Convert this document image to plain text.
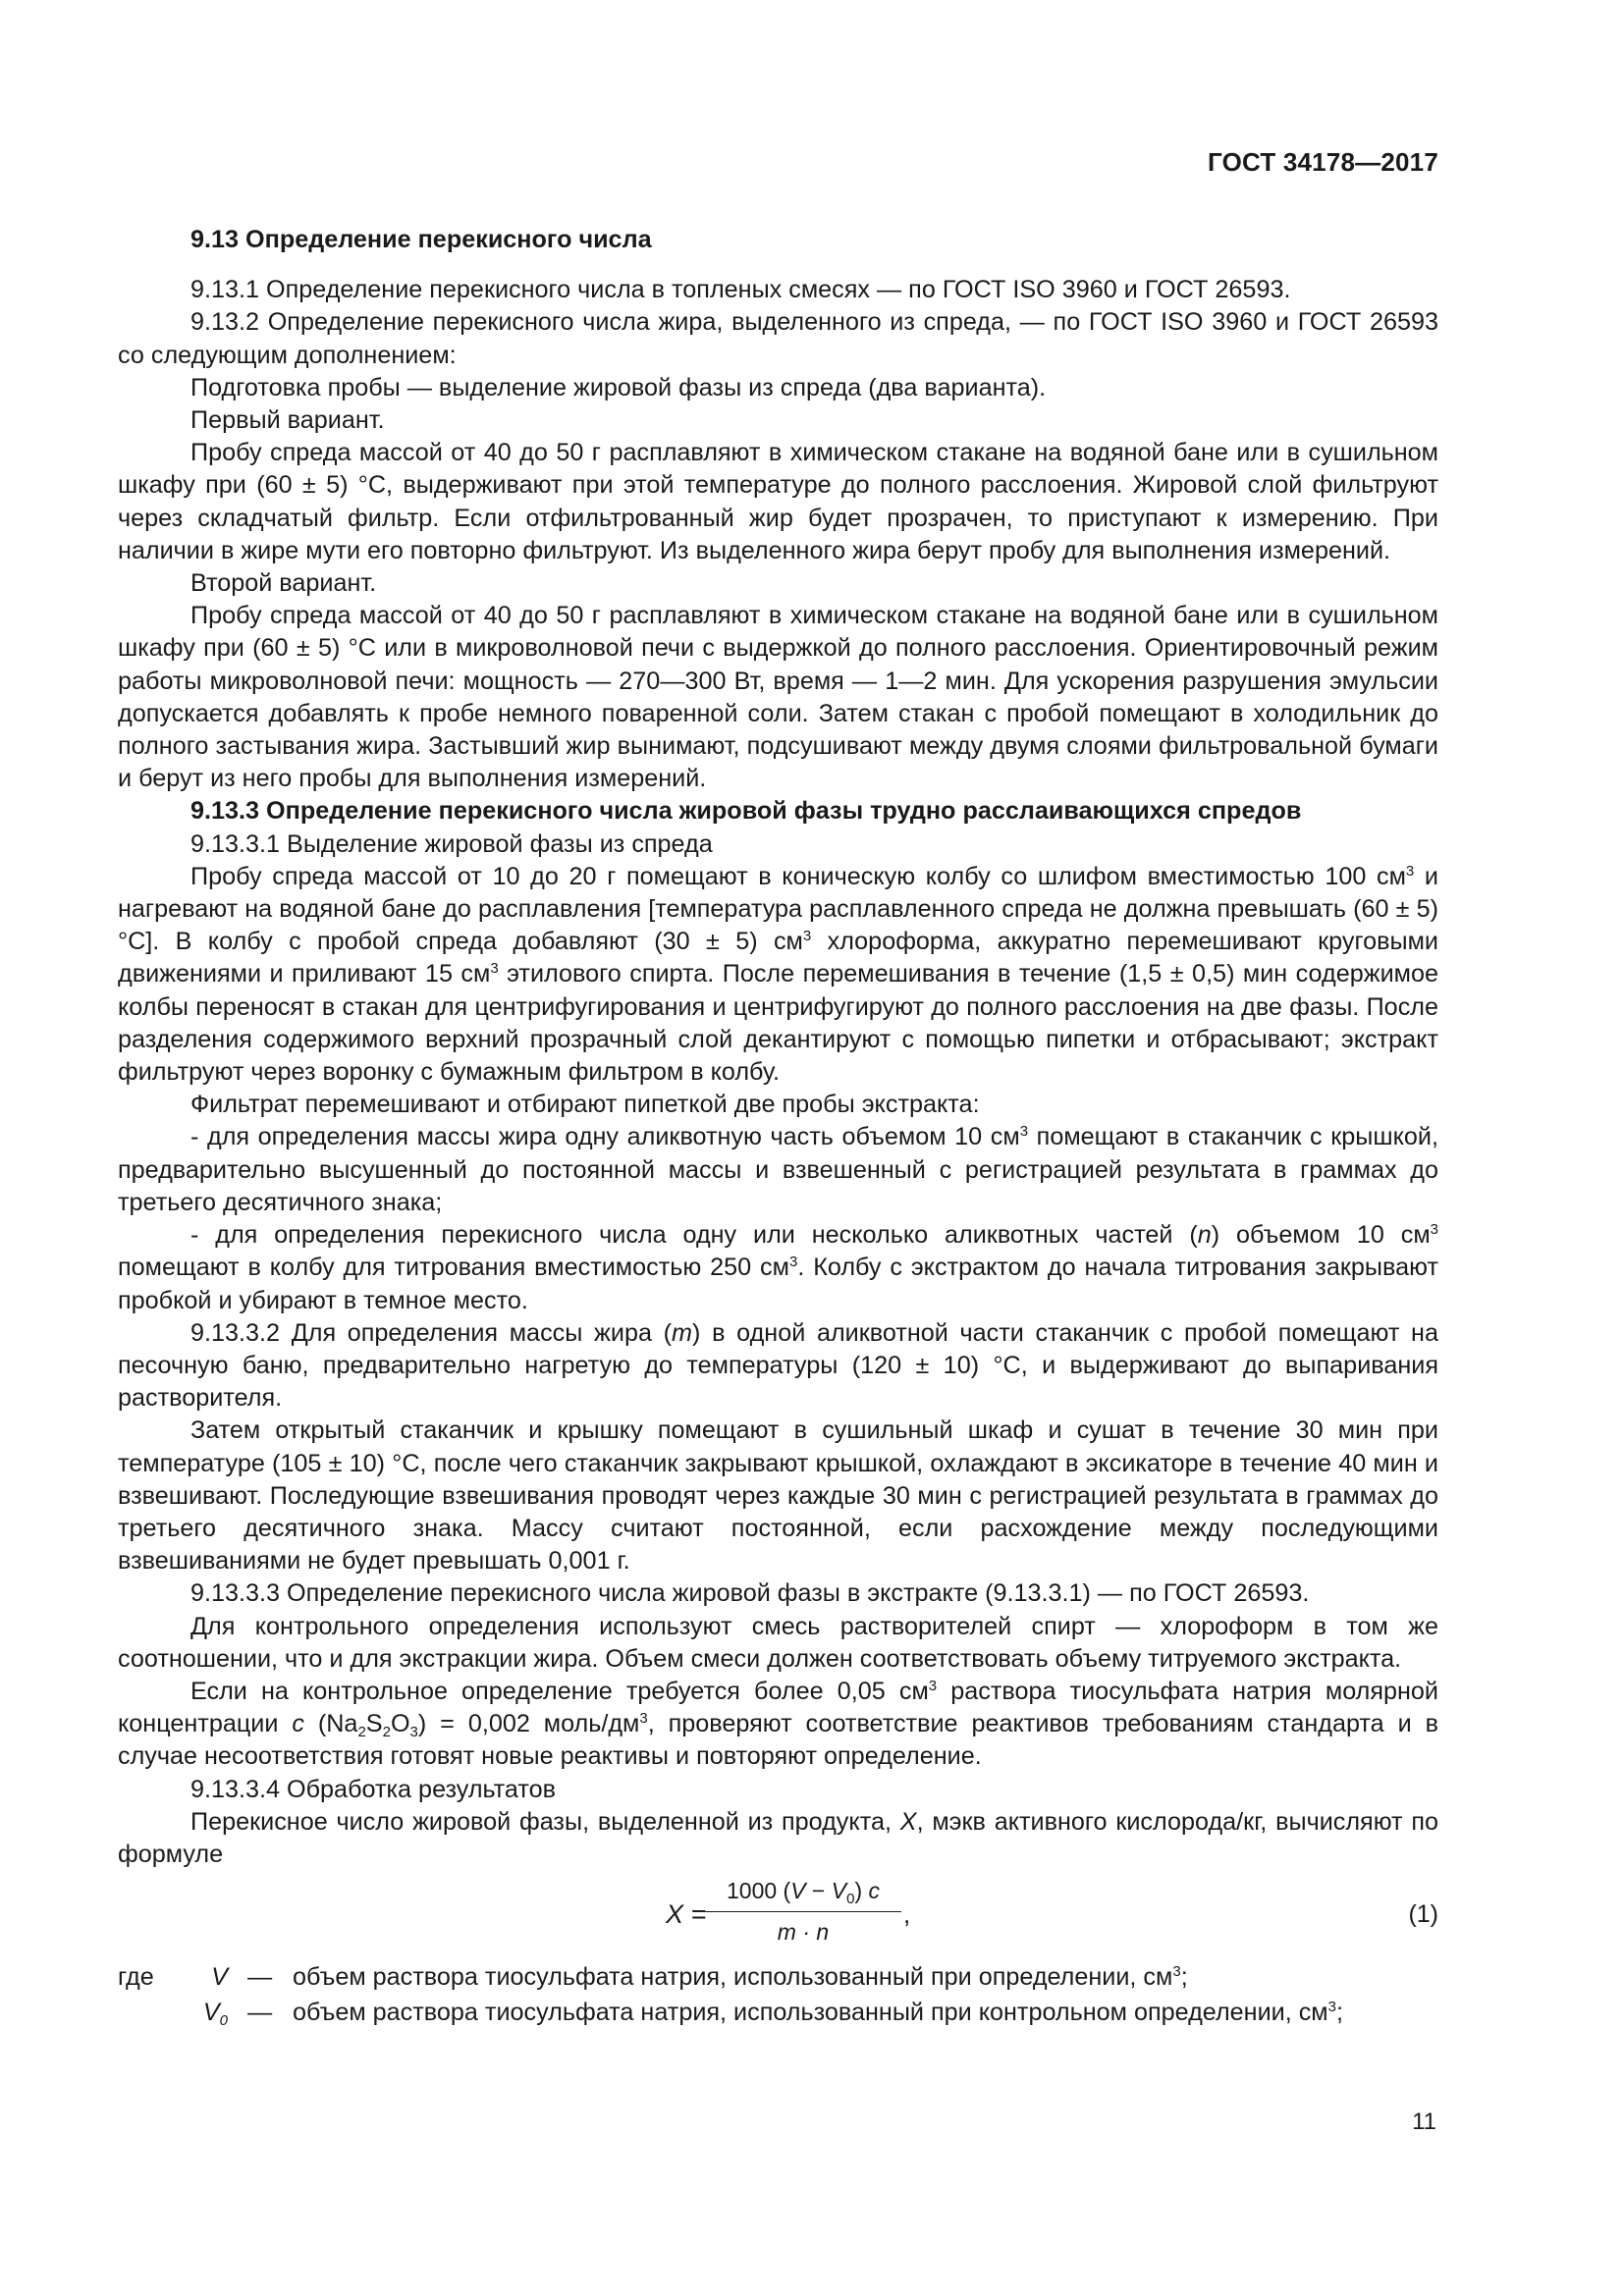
ГОСТ 34178—2017

9.13 Определение перекисного числа

9.13.1 Определение перекисного числа в топленых смесях — по ГОСТ ISO 3960 и ГОСТ 26593.

9.13.2 Определение перекисного числа жира, выделенного из спреда, — по ГОСТ ISO 3960 и ГОСТ 26593 со следующим дополнением:

Подготовка пробы — выделение жировой фазы из спреда (два варианта).

Первый вариант.

Пробу спреда массой от 40 до 50 г расплавляют в химическом стакане на водяной бане или в сушильном шкафу при (60 ± 5) °С, выдерживают при этой температуре до полного расслоения. Жировой слой фильтруют через складчатый фильтр. Если отфильтрованный жир будет прозрачен, то приступают к измерению. При наличии в жире мути его повторно фильтруют. Из выделенного жира берут пробу для выполнения измерений.

Второй вариант.

Пробу спреда массой от 40 до 50 г расплавляют в химическом стакане на водяной бане или в сушильном шкафу при (60 ± 5) °С или в микроволновой печи с выдержкой до полного расслоения. Ориентировочный режим работы микроволновой печи: мощность — 270—300 Вт, время — 1—2 мин. Для ускорения разрушения эмульсии допускается добавлять к пробе немного поваренной соли. Затем стакан с пробой помещают в холодильник до полного застывания жира. Застывший жир вынимают, подсушивают между двумя слоями фильтровальной бумаги и берут из него пробы для выполнения измерений.

9.13.3 Определение перекисного числа жировой фазы трудно расслаивающихся спредов

9.13.3.1 Выделение жировой фазы из спреда

Пробу спреда массой от 10 до 20 г помещают в коническую колбу со шлифом вместимостью 100 $см^3$ и нагревают на водяной бане до расплавления [температура расплавленного спреда не должна превышать (60 ± 5) °С]. В колбу с пробой спреда добавляют (30 ± 5) $см^3$ хлороформа, аккуратно перемешивают круговыми движениями и приливают 15 $см^3$ этилового спирта. После перемешивания в течение (1,5 ± 0,5) мин содержимое колбы переносят в стакан для центрифугирования и центрифугируют до полного расслоения на две фазы. После разделения содержимого верхний прозрачный слой декантируют с помощью пипетки и отбрасывают; экстракт фильтруют через воронку с бумажным фильтром в колбу.

Фильтрат перемешивают и отбирают пипеткой две пробы экстракта:

- для определения массы жира одну аликвотную часть объемом 10 $см^3$ помещают в стаканчик с крышкой, предварительно высушенный до постоянной массы и взвешенный с регистрацией результата в граммах до третьего десятичного знака;

- для определения перекисного числа одну или несколько аликвотных частей (n) объемом 10 $см^3$ помещают в колбу для титрования вместимостью 250 $см^3$. Колбу с экстрактом до начала титрования закрывают пробкой и убирают в темное место.

9.13.3.2 Для определения массы жира (m) в одной аликвотной части стаканчик с пробой помещают на песочную баню, предварительно нагретую до температуры (120 ± 10) °С, и выдерживают до выпаривания растворителя.

Затем открытый стаканчик и крышку помещают в сушильный шкаф и сушат в течение 30 мин при температуре (105 ± 10) °С, после чего стаканчик закрывают крышкой, охлаждают в эксикаторе в течение 40 мин и взвешивают. Последующие взвешивания проводят через каждые 30 мин с регистрацией результата в граммах до третьего десятичного знака. Массу считают постоянной, если расхождение между последующими взвешиваниями не будет превышать 0,001 г.

9.13.3.3 Определение перекисного числа жировой фазы в экстракте (9.13.3.1) — по ГОСТ 26593.

Для контрольного определения используют смесь растворителей спирт — хлороформ в том же соотношении, что и для экстракции жира. Объем смеси должен соответствовать объему титруемого экстракта.

Если на контрольное определение требуется более 0,05 $см^3$ раствора тиосульфата натрия молярной концентрации c $(Na_2S_2O_3) = 0,002$ моль/$дм^3$, проверяют соответствие реактивов требованиям стандарта и в случае несоответствия готовят новые реактивы и повторяют определение.

9.13.3.4 Обработка результатов

Перекисное число жировой фазы, выделенной из продукта, X, мэкв активного кислорода/кг, вычисляют по формуле

X =
$\frac{1000 (V - V_0) c}{m \cdot n}$ ,	(1)
где	V — объем раствора тиосульфата натрия, использованный при определении, $см^3$;
$V_0$ — объем раствора тиосульфата натрия, использованный при контрольном определении, $см^3$;
11
